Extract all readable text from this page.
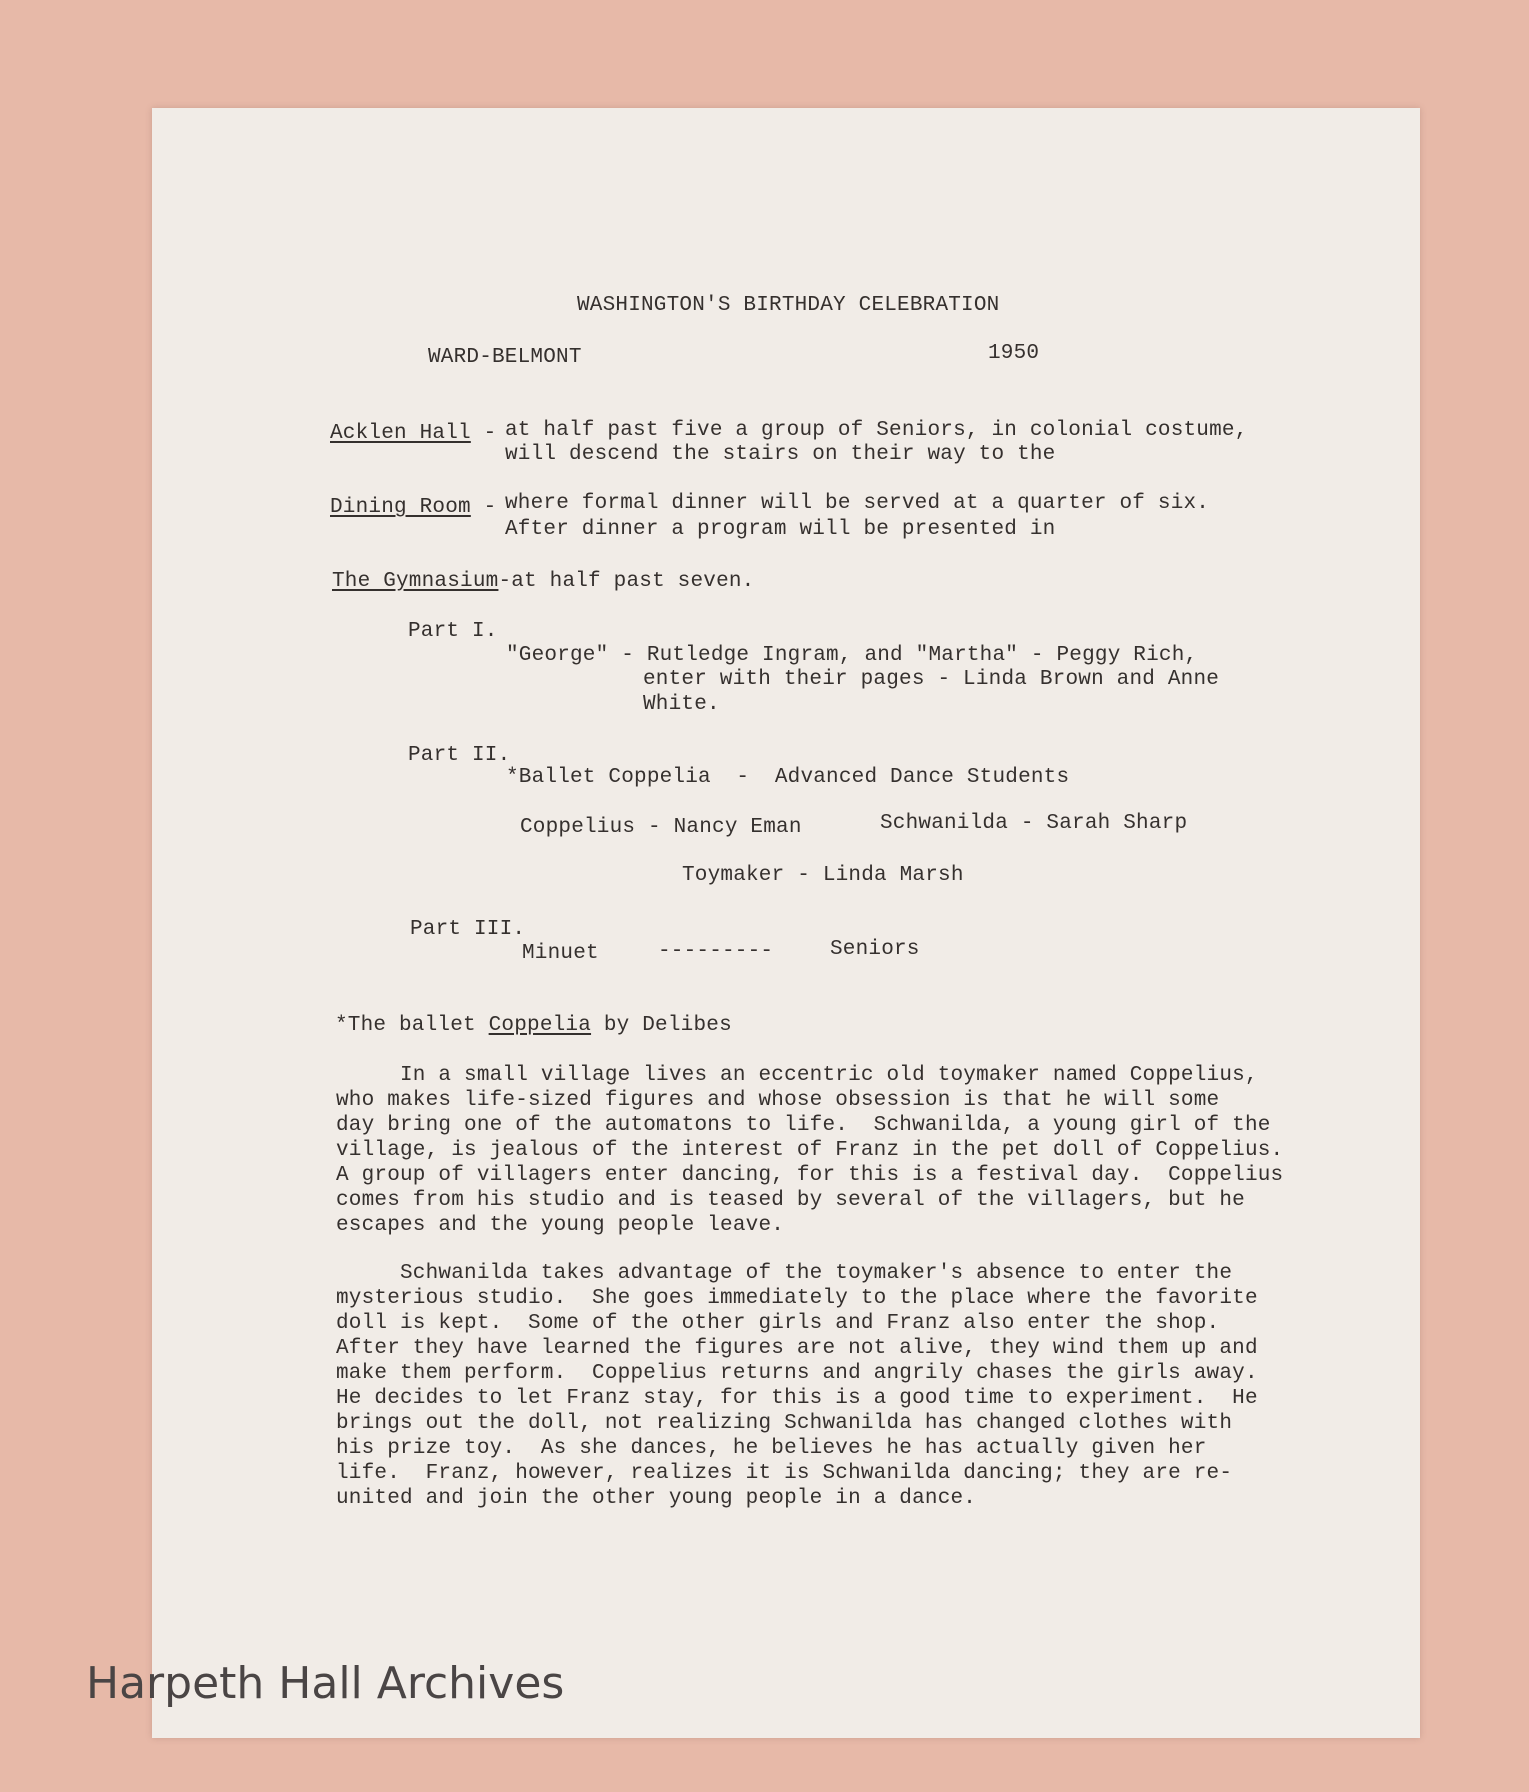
WASHINGTON'S BIRTHDAY CELEBRATION
WARD-BELMONT	1950
Acklen Hall -
at half past five a group of Seniors, in colonial costume,
will descend the stairs on their way to the
Dining Room -
where formal dinner will be served at a quarter of six.
After dinner a program will be presented in
The Gymnasium-at half past seven.
Part I.
"George" - Rutledge Ingram, and "Martha" - Peggy Rich,
enter with their pages - Linda Brown and Anne
White.
Part II.
*Ballet Coppelia  -  Advanced Dance Students
Coppelius - Nancy Eman	Schwanilda - Sarah Sharp
Toymaker - Linda Marsh
Part III.
Minuet	---------	Seniors
*The ballet Coppelia by Delibes
In a small village lives an eccentric old toymaker named Coppelius,
who makes life-sized figures and whose obsession is that he will some
day bring one of the automatons to life.  Schwanilda, a young girl of the
village, is jealous of the interest of Franz in the pet doll of Coppelius.
A group of villagers enter dancing, for this is a festival day.  Coppelius
comes from his studio and is teased by several of the villagers, but he
escapes and the young people leave.
Schwanilda takes advantage of the toymaker's absence to enter the
mysterious studio.  She goes immediately to the place where the favorite
doll is kept.  Some of the other girls and Franz also enter the shop.
After they have learned the figures are not alive, they wind them up and
make them perform.  Coppelius returns and angrily chases the girls away.
He decides to let Franz stay, for this is a good time to experiment.  He
brings out the doll, not realizing Schwanilda has changed clothes with
his prize toy.  As she dances, he believes he has actually given her
life.  Franz, however, realizes it is Schwanilda dancing; they are re-
united and join the other young people in a dance.
Harpeth Hall Archives
